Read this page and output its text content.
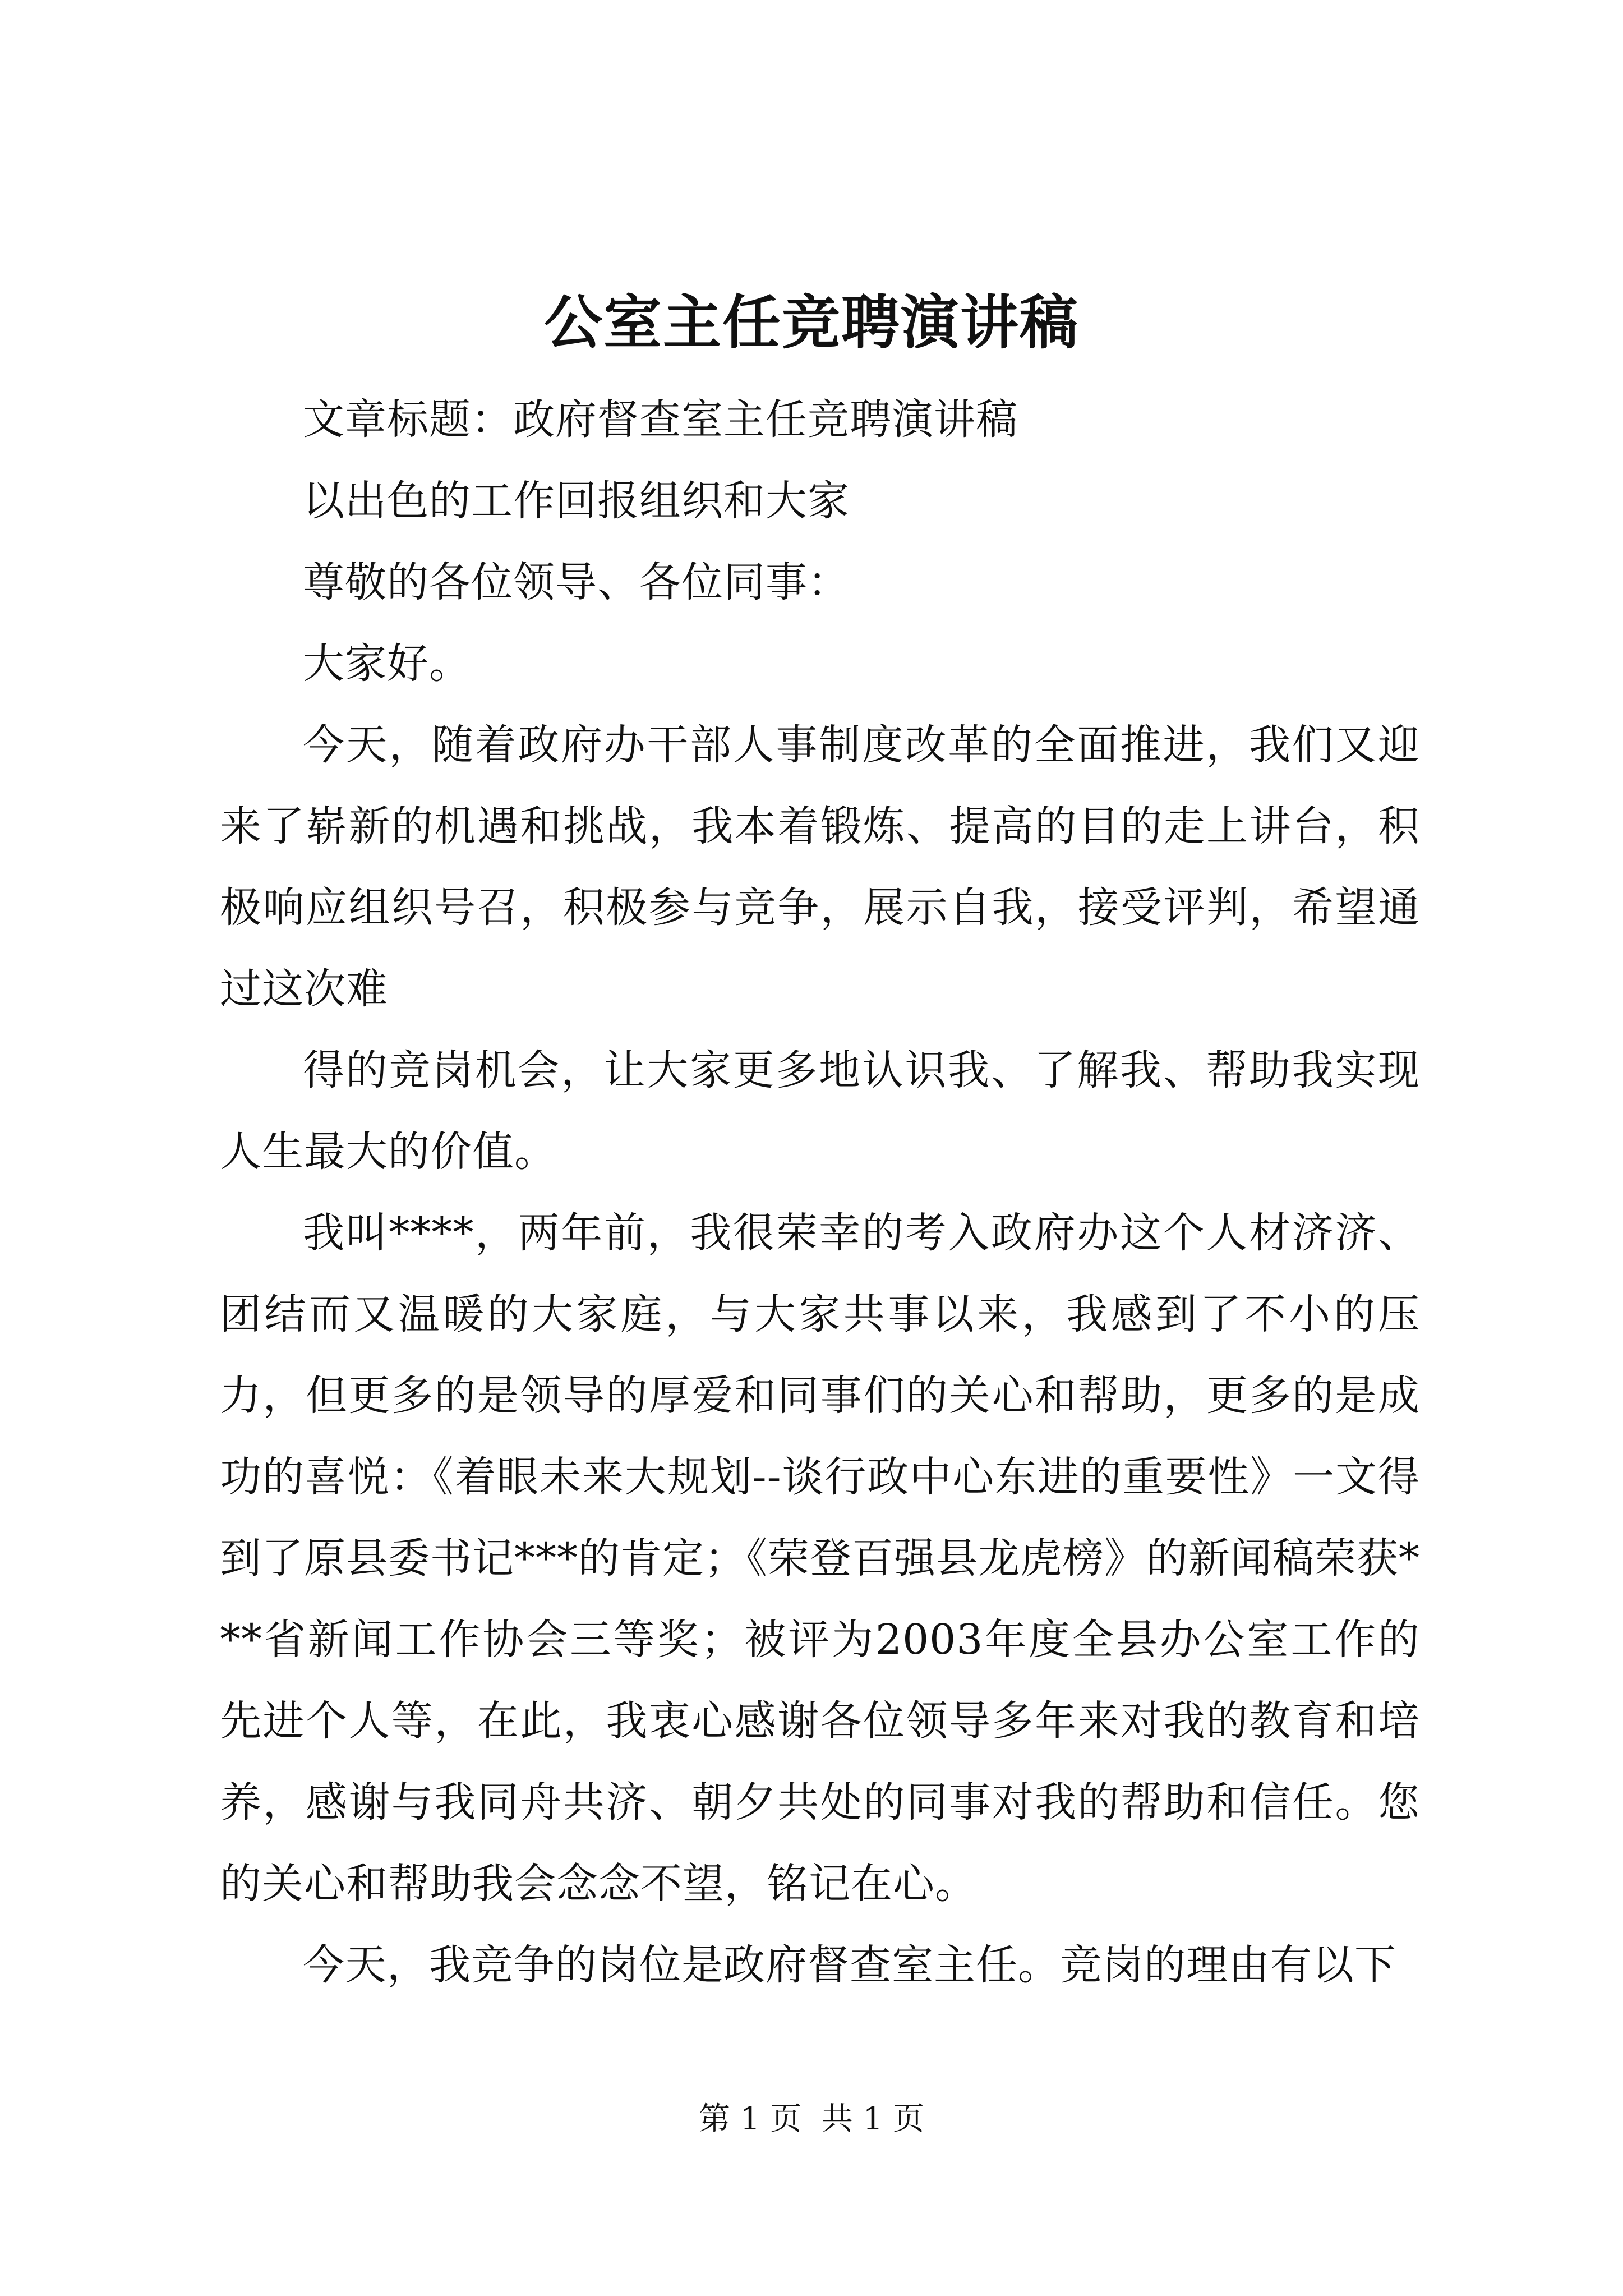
公室主任竞聘演讲稿

文章标题：政府督查室主任竞聘演讲稿

以出色的工作回报组织和大家

尊敬的各位领导、各位同事：

大家好。

今天，随着政府办干部人事制度改革的全面推进，我们又迎来了崭新的机遇和挑战，我本着锻炼、提高的目的走上讲台，积极响应组织号召，积极参与竞争，展示自我，接受评判，希望通过这次难

得的竞岗机会，让大家更多地认识我、了解我、帮助我实现人生最大的价值。

我叫****，两年前，我很荣幸的考入政府办这个人材济济、团结而又温暖的大家庭，与大家共事以来，我感到了不小的压力，但更多的是领导的厚爱和同事们的关心和帮助，更多的是成功的喜悦：《着眼未来大规划--谈行政中心东进的重要性》一文得到了原县委书记***的肯定；《荣登百强县龙虎榜》的新闻稿荣获***省新闻工作协会三等奖；被评为2003年度全县办公室工作的先进个人等，在此，我衷心感谢各位领导多年来对我的教育和培养，感谢与我同舟共济、朝夕共处的同事对我的帮助和信任。您的关心和帮助我会念念不望，铭记在心。

今天，我竞争的岗位是政府督查室主任。竞岗的理由有以下

第 1 页  共 1 页
